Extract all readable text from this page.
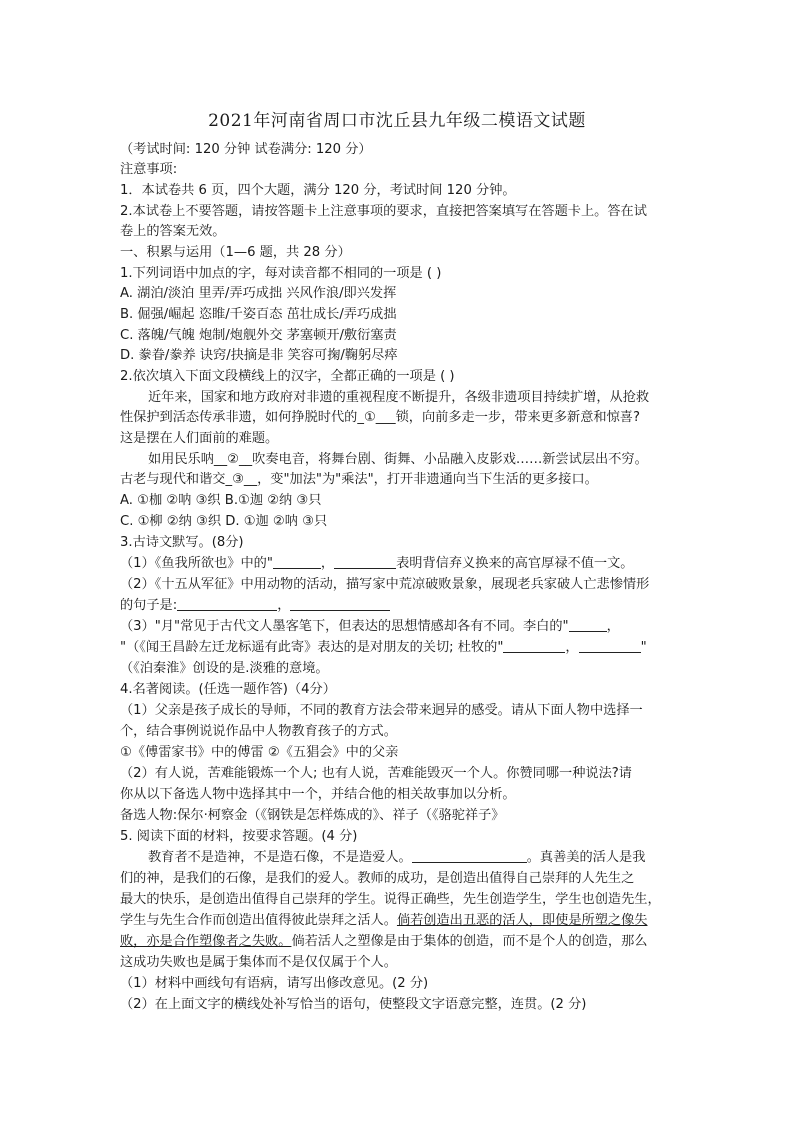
2021年河南省周口市沈丘县九年级二模语文试题
（考试时间: 120 分钟 试卷满分: 120 分）
注意事项:
1．本试卷共 6 页，四个大题，满分 120 分，考试时间 120 分钟。
2.本试卷上不要答题，请按答题卡上注意事项的要求，直接把答案填写在答题卡上。答在试
卷上的答案无效。
一、积累与运用（1—6 题，共 28 分）
1.下列词语中加点的字，每对读音都不相同的一项是 ( )
A. 湖泊/淡泊 里弄/弄巧成拙 兴风作浪/即兴发挥
B. 倔强/崛起 恣睢/千姿百态 茁壮成长/弄巧成拙
C. 落魄/气魄 炮制/炮舰外交 茅塞顿开/敷衍塞责
D. 豢眷/豢养 诀窍/抉摘是非 笑容可掬/鞠躬尽瘁
2.依次填入下面文段横线上的汉字，全都正确的一项是 ( )
近年来，国家和地方政府对非遗的重视程度不断提升，各级非遗项目持续扩增，从抢救
性保护到活态传承非遗，如何挣脱时代的_①___锁，向前多走一步，带来更多新意和惊喜?
这是摆在人们面前的难题。
如用民乐呐__②__吹奏电音，将舞台剧、街舞、小品融入皮影戏……新尝试层出不穷。
古老与现代和谐交_③__，变"加法"为"乘法"，打开非遗通向当下生活的更多接口。
A. ①枷 ②呐 ③织 B.①迦 ②纳 ③只
C. ①柳 ②纳 ③织 D. ①迦 ②呐 ③只
3.古诗文默写。(8分)
（1）《鱼我所欲也》中的"	，	表明背信弃义换来的高官厚禄不值一文。
（2）《十五从军征》中用动物的活动，描写家中荒凉破败景象，展现老兵家破人亡悲惨情形
的句子是:	，
（3）"月"常见于古代文人墨客笔下，但表达的思想情感却各有不同。李白的"	，
"（《闻王昌龄左迁龙标遥有此寄》表达的是对朋友的关切; 杜牧的"	，	"
（《泊秦淮》创设的是.淡雅的意境。
4.名著阅读。(任选一题作答)（4分）
（1）父亲是孩子成长的导师，不同的教育方法会带来迥异的感受。请从下面人物中选择一
个，结合事例说说作品中人物教育孩子的方式。
①《傅雷家书》中的傅雷 ②《五猖会》中的父亲
（2）有人说，苦难能锻炼一个人; 也有人说，苦难能毁灭一个人。你赞同哪一种说法?请
你从以下备选人物中选择其中一个，并结合他的相关故事加以分析。
备选人物:保尔·柯察金（《钢铁是怎样炼成的》、祥子（《骆驼祥子》
5. 阅读下面的材料，按要求答题。(4 分)
教育者不是造神，不是造石像，不是造爱人。	。真善美的活人是我
们的神，是我们的石像，是我们的爱人。教师的成功，是创造出值得自己崇拜的人先生之
最大的快乐，是创造出值得自己崇拜的学生。说得正确些，先生创造学生，学生也创造先生，
学生与先生合作而创造出值得彼此崇拜之活人。倘若创造出丑恶的活人，即使是所塑之像失
败，亦是合作塑像者之失败。倘若活人之塑像是由于集体的创造，而不是个人的创造，那么
这成功失败也是属于集体而不是仅仅属于个人。
（1）材料中画线句有语病，请写出修改意见。(2 分)
（2）在上面文字的横线处补写恰当的语句，使整段文字语意完整，连贯。(2 分)
